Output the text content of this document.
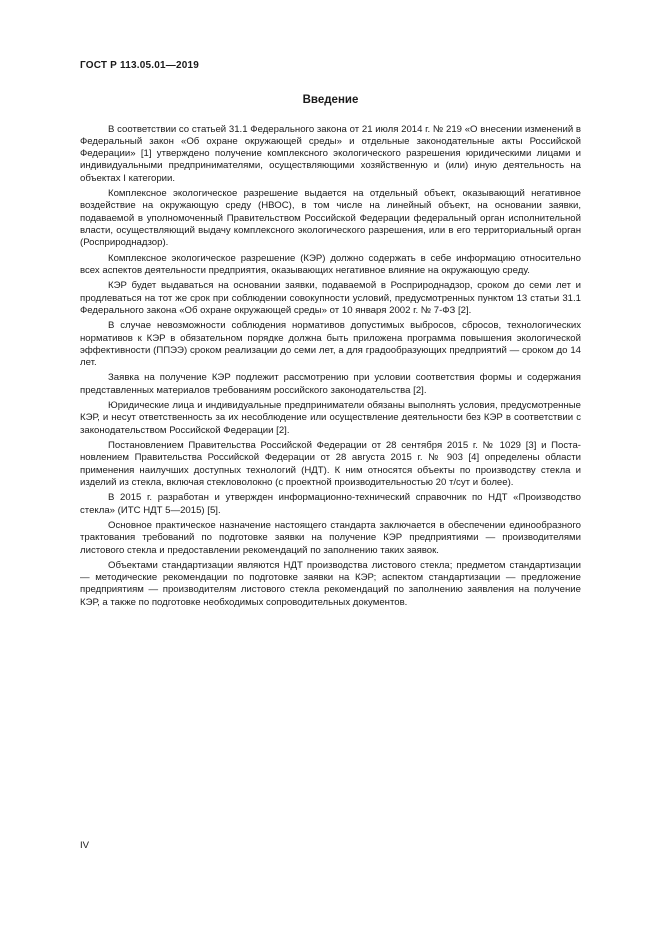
ГОСТ Р 113.05.01—2019
Введение

В соответствии со статьей 31.1 Федерального закона от 21 июля 2014 г. № 219 «О внесении изменений в Федеральный закон «Об охране окружающей среды» и отдельные законодательные акты Российской Федерации» [1] утверждено получение комплексного экологического разрешения юридическими лицами и индивидуальными предпринимателями, осуществляющими хозяйственную и (или) иную деятельность на объектах I категории.

Комплексное экологическое разрешение выдается на отдельный объект, оказывающий негативное воздействие на окружающую среду (НВОС), в том числе на линейный объект, на основании заявки, подаваемой в уполномоченный Правительством Российской Федерации федеральный орган исполнительной власти, осуществляющий выдачу комплексного экологического разрешения, или в его территориальный орган (Росприроднадзор).

Комплексное экологическое разрешение (КЭР) должно содержать в себе информацию относительно всех аспектов деятельности предприятия, оказывающих негативное влияние на окружающую среду.

КЭР будет выдаваться на основании заявки, подаваемой в Росприроднадзор, сроком до семи лет и продлеваться на тот же срок при соблюдении совокупности условий, предусмотренных пунктом 13 статьи 31.1 Федерального закона «Об охране окружающей среды» от 10 января 2002 г. № 7-ФЗ [2].

В случае невозможности соблюдения нормативов допустимых выбросов, сбросов, технологических нормативов к КЭР в обязательном порядке должна быть приложена программа повышения экологической эффективности (ППЭЭ) сроком реализации до семи лет, а для градообразующих предприятий — сроком до 14 лет.

Заявка на получение КЭР подлежит рассмотрению при условии соответствия формы и содержания представленных материалов требованиям российского законодательства [2].

Юридические лица и индивидуальные предприниматели обязаны выполнять условия, предусмотренные КЭР, и несут ответственность за их несоблюдение или осуществление деятельности без КЭР в соответствии с законодательством Российской Федерации [2].

Постановлением Правительства Российской Федерации от 28 сентября 2015 г. № 1029 [3] и Постановлением Правительства Российской Федерации от 28 августа 2015 г. № 903 [4] определены области применения наилучших доступных технологий (НДТ). К ним относятся объекты по производству стекла и изделий из стекла, включая стекловолокно (с проектной производительностью 20 т/сут и более).

В 2015 г. разработан и утвержден информационно-технический справочник по НДТ «Производство стекла» (ИТС НДТ 5—2015) [5].

Основное практическое назначение настоящего стандарта заключается в обеспечении единообразного трактования требований по подготовке заявки на получение КЭР предприятиями — производителями листового стекла и предоставлении рекомендаций по заполнению таких заявок.

Объектами стандартизации являются НДТ производства листового стекла; предметом стандартизации — методические рекомендации по подготовке заявки на КЭР; аспектом стандартизации — предложение предприятиям — производителям листового стекла рекомендаций по заполнению заявления на получение КЭР, а также по подготовке необходимых сопроводительных документов.

IV
